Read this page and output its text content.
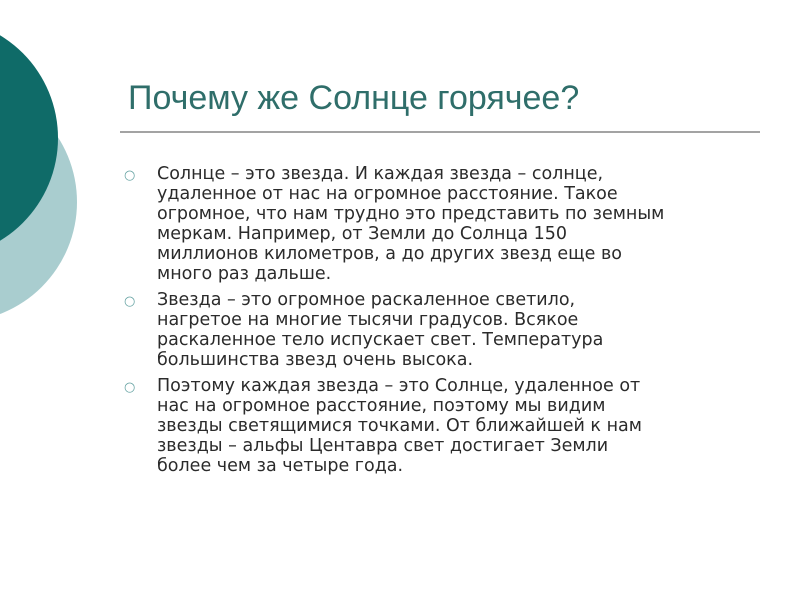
Почему же Солнце горячее?
○ Солнце – это звезда. И каждая звезда – солнце,
удаленное от нас на огромное расстояние. Такое
огромное, что нам трудно это представить по земным
меркам. Например, от Земли до Солнца 150
миллионов километров, а до других звезд еще во
много раз дальше.
○ Звезда – это огромное раскаленное светило,
нагретое на многие тысячи градусов. Всякое
раскаленное тело испускает свет. Температура
большинства звезд очень высока.
○ Поэтому каждая звезда – это Солнце, удаленное от
нас на огромное расстояние, поэтому мы видим
звезды светящимися точками. От ближайшей к нам
звезды – альфы Центавра свет достигает Земли
более чем за четыре года.
